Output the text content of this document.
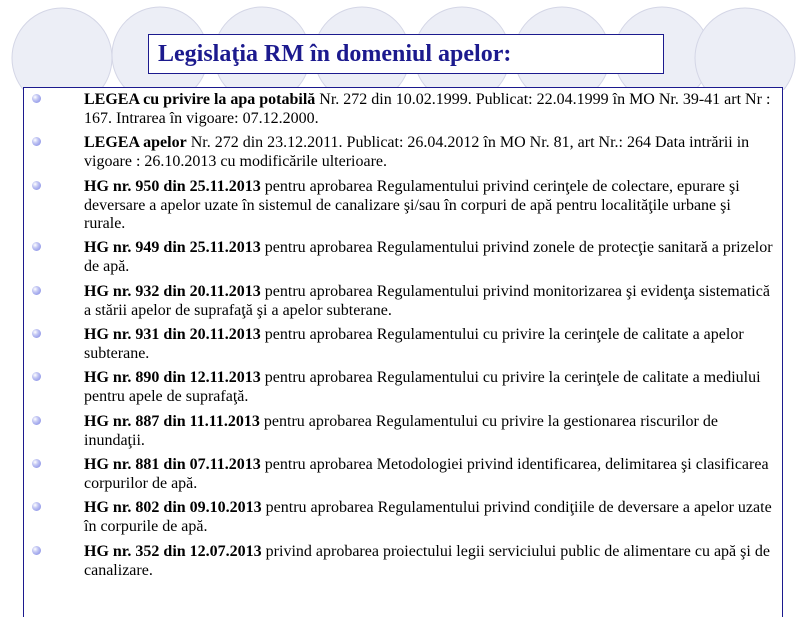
Legislaţia RM în domeniul apelor:
LEGEA cu privire la apa potabilă Nr. 272 din 10.02.1999. Publicat: 22.04.1999 în MO Nr. 39-41 art Nr : 167. Intrarea în vigoare: 07.12.2000.
LEGEA apelor Nr. 272 din 23.12.2011. Publicat: 26.04.2012 în MO Nr. 81, art Nr.: 264 Data intrării in vigoare : 26.10.2013 cu modificările ulterioare.
HG nr. 950 din 25.11.2013 pentru aprobarea Regulamentului privind cerinţele de colectare, epurare şi deversare a apelor uzate în sistemul de canalizare şi/sau în corpuri de apă pentru localităţile urbane şi rurale.
HG nr. 949 din 25.11.2013 pentru aprobarea Regulamentului privind zonele de protecţie sanitară a prizelor de apă.
HG nr. 932 din 20.11.2013 pentru aprobarea Regulamentului privind monitorizarea şi evidenţa sistematică a stării apelor de suprafaţă şi a apelor subterane.
HG nr. 931 din 20.11.2013 pentru aprobarea Regulamentului cu privire la cerinţele de calitate a apelor subterane.
HG nr. 890 din 12.11.2013 pentru aprobarea Regulamentului cu privire la cerinţele de calitate a mediului pentru apele de suprafaţă.
HG nr. 887 din 11.11.2013 pentru aprobarea Regulamentului cu privire la gestionarea riscurilor de inundaţii.
HG nr. 881 din 07.11.2013 pentru aprobarea Metodologiei privind identificarea, delimitarea şi clasificarea corpurilor de apă.
HG nr. 802 din 09.10.2013 pentru aprobarea Regulamentului privind condiţiile de deversare a apelor uzate în corpurile de apă.
HG nr. 352 din 12.07.2013 privind aprobarea proiectului legii serviciului public de alimentare cu apă şi de canalizare.
